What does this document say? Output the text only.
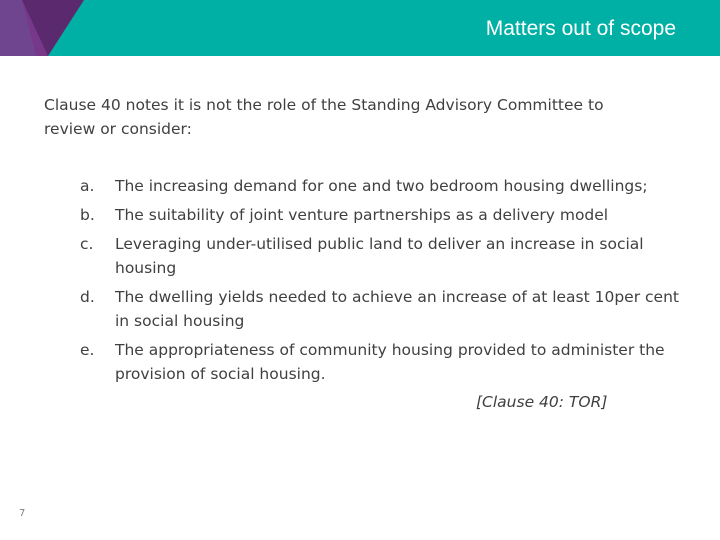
Matters out of scope
Clause 40 notes it is not the role of the Standing Advisory Committee to review or consider:
a.	The increasing demand for one and two bedroom housing dwellings;
b.	The suitability of joint venture partnerships as a delivery model
c.	Leveraging under-utilised public land to deliver an increase in social housing
d.	The dwelling yields needed to achieve an increase of at least 10per cent in social housing
e.	The appropriateness of community housing provided to administer the provision of social housing.
[Clause 40: TOR]
7
